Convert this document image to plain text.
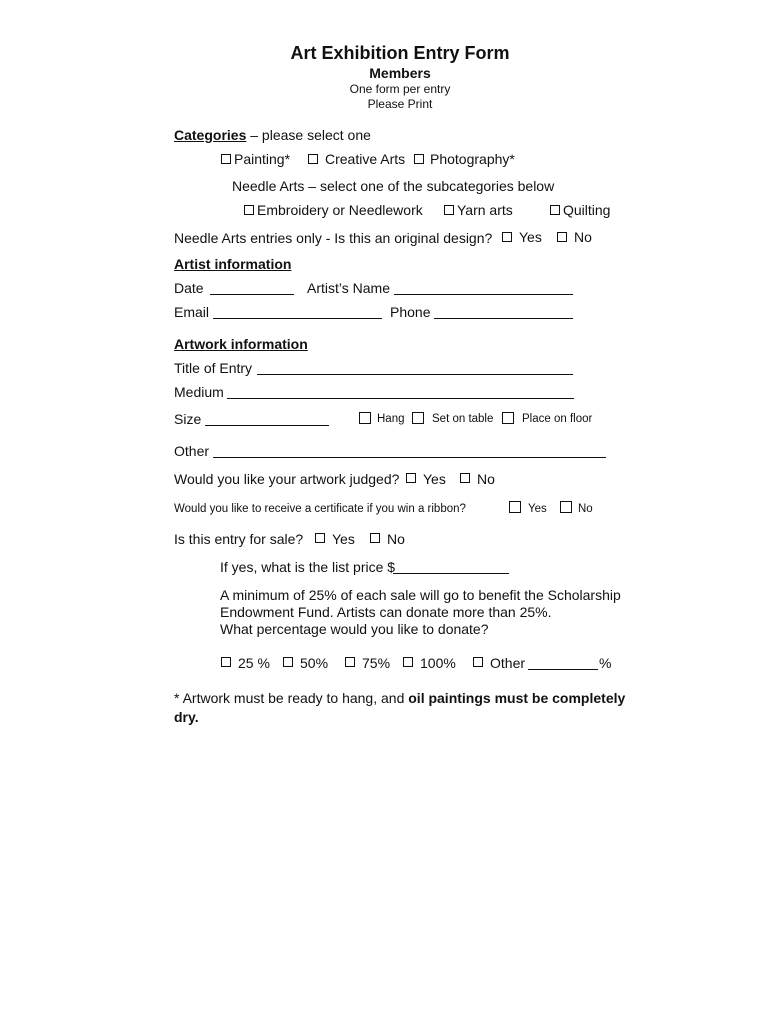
Art Exhibition Entry Form
Members
One form per entry
Please Print
Categories – please select one
Painting* Creative Arts Photography*
Needle Arts – select one of the subcategories below
Embroidery or Needlework Yarn arts	Quilting
Needle Arts entries only - Is this an original design? Yes No
Artist information
Date	Artist’s Name
Email	Phone
Artwork information
Title of Entry
Medium
Size	Hang Set on table Place on floor
Other
Would you like your artwork judged? Yes No
Would you like to receive a certificate if you win a ribbon?	Yes	No
Is this entry for sale? Yes No
If yes, what is the list price $
A minimum of 25% of each sale will go to benefit the Scholarship
Endowment Fund. Artists can donate more than 25%.
What percentage would you like to donate?
25 % 50% 75% 100% Other	%
* Artwork must be ready to hang, and oil paintings must be completely
dry.
